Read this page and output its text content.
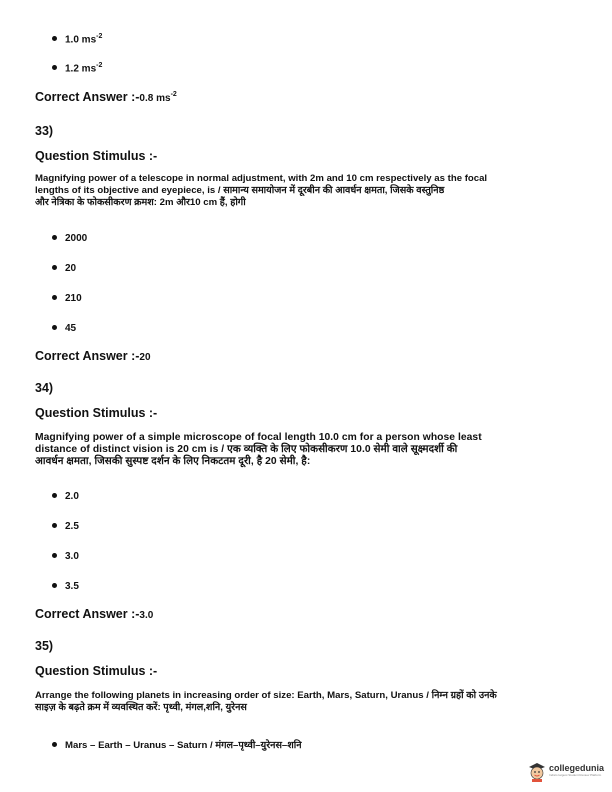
1.0 $ms^{-2}$
1.2 $ms^{-2}$
Correct Answer :-0.8 $ms^{-2}$
33)
Question Stimulus :-
Magnifying power of a telescope in normal adjustment, with 2m and 10 cm respectively as the focal
lengths of its objective and eyepiece, is / सामान्य समायोजन में दूरबीन की आवर्धन क्षमता, जिसके वस्तुनिष्ठ
और नेत्रिका के फोकसीकरण क्रमश: 2m और10 cm हैं, होगी
2000
20
210
45
Correct Answer :-20
34)
Question Stimulus :-
Magnifying power of a simple microscope of focal length 10.0 cm for a person whose least
distance of distinct vision is 20 cm is / एक व्यक्ति के लिए फोकसीकरण 10.0 सेमी वाले सूक्ष्मदर्शी की
आवर्धन क्षमता, जिसकी सुस्पष्ट दर्शन के लिए निकटतम दूरी, है 20 सेमी, है:
2.0
2.5
3.0
3.5
Correct Answer :-3.0
35)
Question Stimulus :-
Arrange the following planets in increasing order of size: Earth, Mars, Saturn, Uranus / निम्न ग्रहों को उनके
साइज़ के बढ़ते क्रम में व्यवस्थित करें: पृथ्वी, मंगल,शनि, युरेनस
Mars – Earth – Uranus – Saturn / मंगल–पृथ्वी–युरेनस–शनि
collegedunia
India's largest Student Review Platform
